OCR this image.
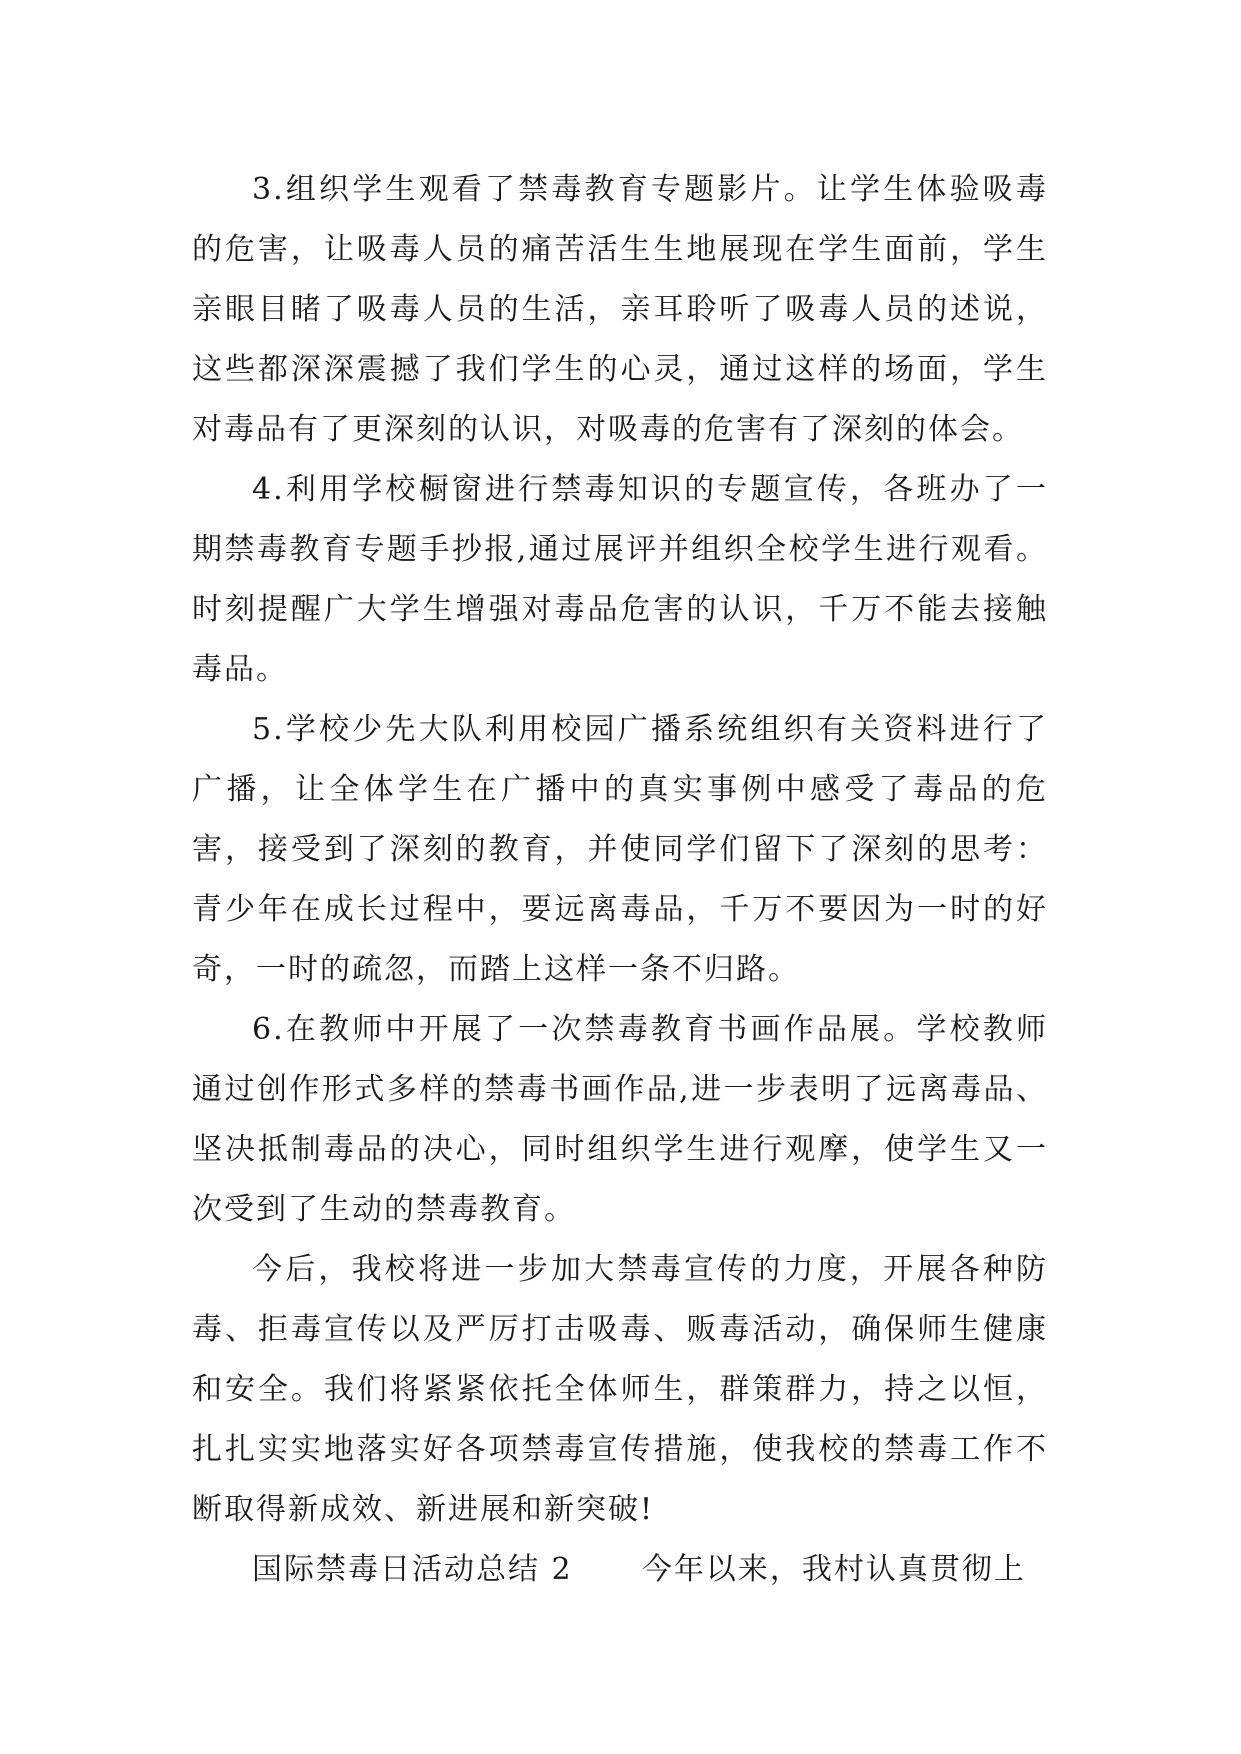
3.组织学生观看了禁毒教育专题影片。让学生体验吸毒的危害，让吸毒人员的痛苦活生生地展现在学生面前，学生亲眼目睹了吸毒人员的生活，亲耳聆听了吸毒人员的述说，这些都深深震撼了我们学生的心灵，通过这样的场面，学生对毒品有了更深刻的认识，对吸毒的危害有了深刻的体会。

4.利用学校橱窗进行禁毒知识的专题宣传，各班办了一期禁毒教育专题手抄报,通过展评并组织全校学生进行观看。时刻提醒广大学生增强对毒品危害的认识，千万不能去接触毒品。

5.学校少先大队利用校园广播系统组织有关资料进行了广播，让全体学生在广播中的真实事例中感受了毒品的危害，接受到了深刻的教育，并使同学们留下了深刻的思考：青少年在成长过程中，要远离毒品，千万不要因为一时的好奇，一时的疏忽，而踏上这样一条不归路。

6.在教师中开展了一次禁毒教育书画作品展。学校教师通过创作形式多样的禁毒书画作品,进一步表明了远离毒品、坚决抵制毒品的决心，同时组织学生进行观摩，使学生又一次受到了生动的禁毒教育。

今后，我校将进一步加大禁毒宣传的力度，开展各种防毒、拒毒宣传以及严厉打击吸毒、贩毒活动，确保师生健康和安全。我们将紧紧依托全体师生，群策群力，持之以恒，扎扎实实地落实好各项禁毒宣传措施，使我校的禁毒工作不断取得新成效、新进展和新突破!

国际禁毒日活动总结 2      今年以来，我村认真贯彻上
